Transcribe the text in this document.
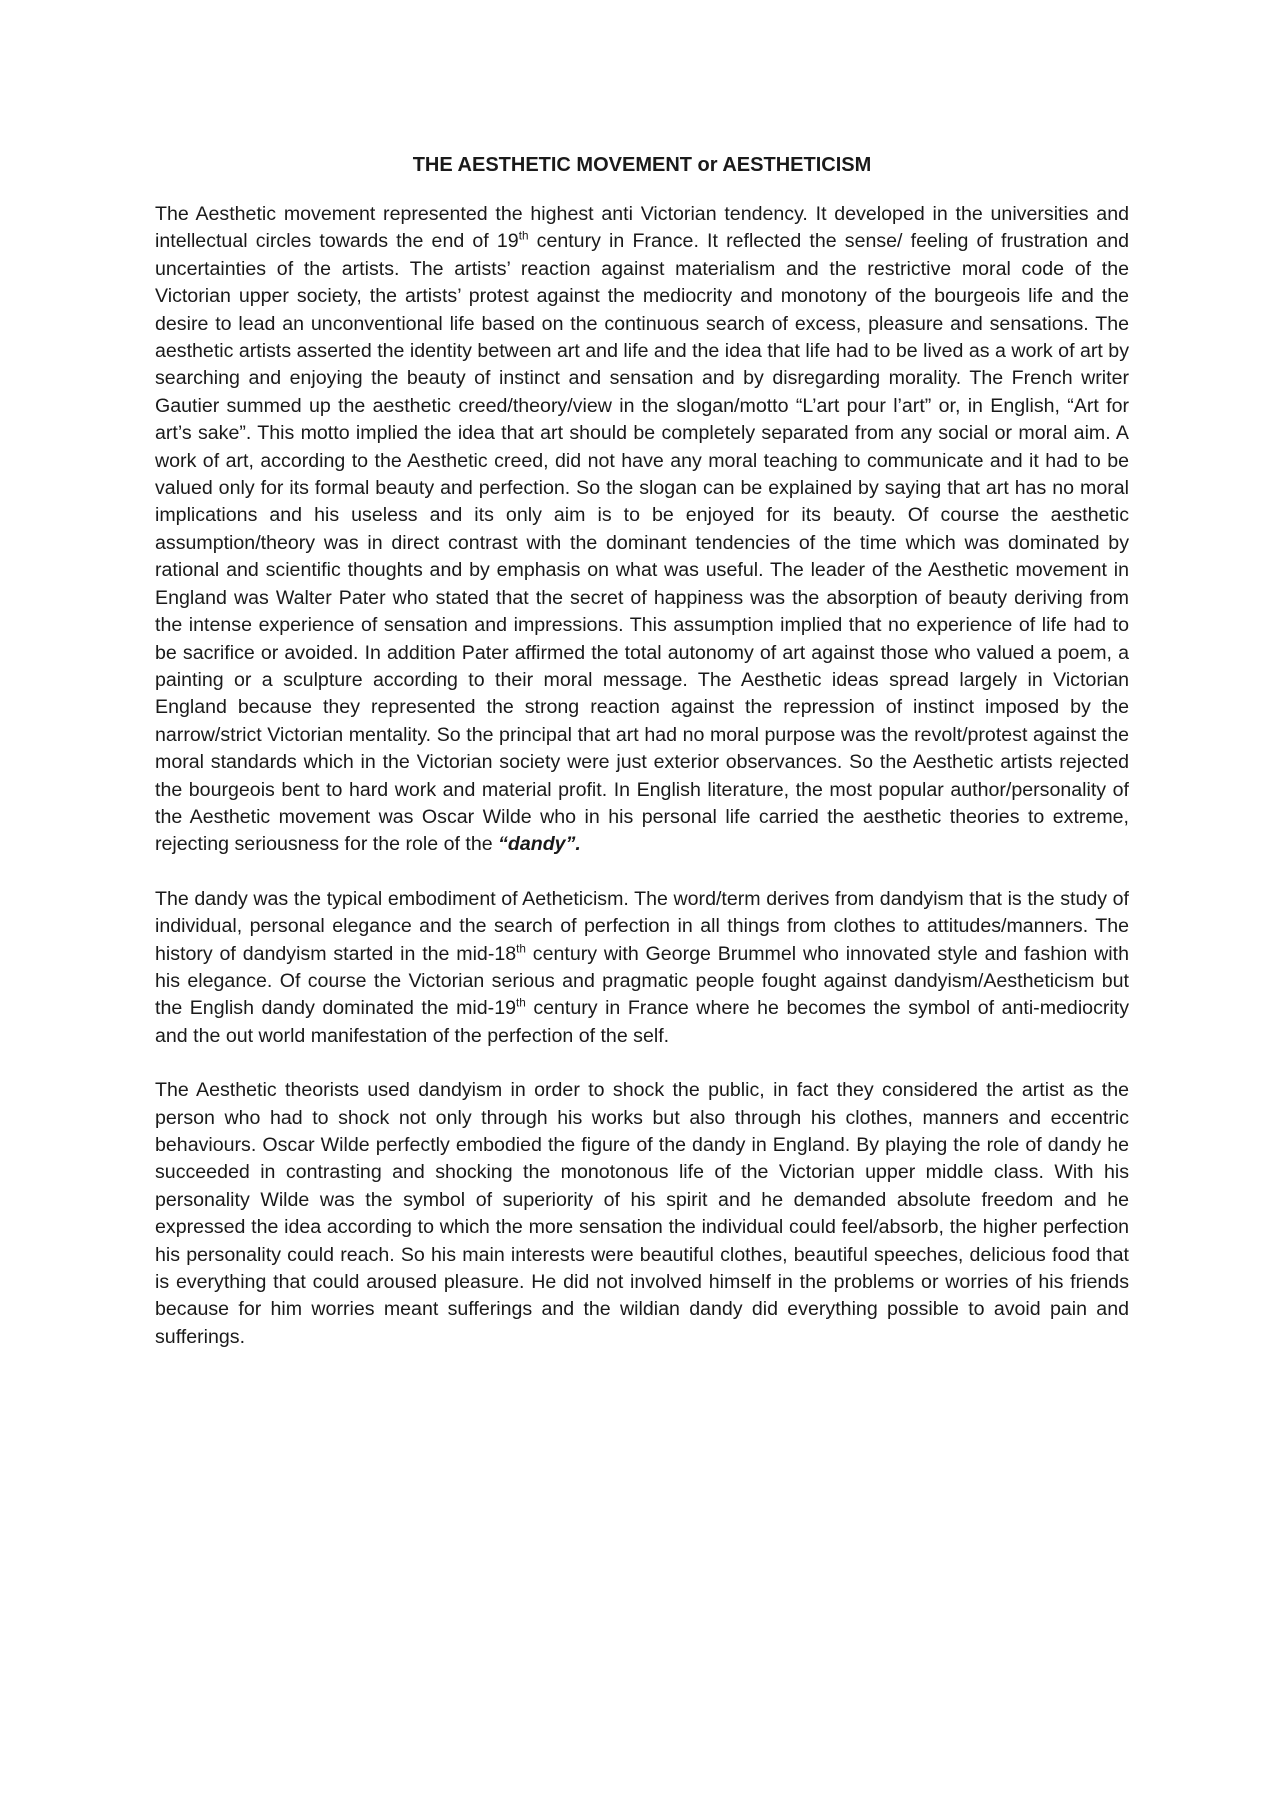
THE AESTHETIC MOVEMENT or AESTHETICISM

The Aesthetic movement represented the highest anti Victorian tendency. It developed in the universities and intellectual circles towards the end of 19th century in France. It reflected the sense/ feeling of frustration and uncertainties of the artists. The artists’ reaction against materialism and the restrictive moral code of the Victorian upper society, the artists’ protest against the mediocrity and monotony of the bourgeois life and the desire to lead an unconventional life based on the continuous search of excess, pleasure and sensations. The aesthetic artists asserted the identity between art and life and the idea that life had to be lived as a work of art by searching and enjoying the beauty of instinct and sensation and by disregarding morality. The French writer Gautier summed up the aesthetic creed/theory/view in the slogan/motto “L’art pour l’art” or, in English, “Art for art’s sake”. This motto implied the idea that art should be completely separated from any social or moral aim. A work of art, according to the Aesthetic creed, did not have any moral teaching to communicate and it had to be valued only for its formal beauty and perfection. So the slogan can be explained by saying that art has no moral implications and his useless and its only aim is to be enjoyed for its beauty. Of course the aesthetic assumption/theory was in direct contrast with the dominant tendencies of the time which was dominated by rational and scientific thoughts and by emphasis on what was useful. The leader of the Aesthetic movement in England was Walter Pater who stated that the secret of happiness was the absorption of beauty deriving from the intense experience of sensation and impressions. This assumption implied that no experience of life had to be sacrifice or avoided. In addition Pater affirmed the total autonomy of art against those who valued a poem, a painting or a sculpture according to their moral message. The Aesthetic ideas spread largely in Victorian England because they represented the strong reaction against the repression of instinct imposed by the narrow/strict Victorian mentality. So the principal that art had no moral purpose was the revolt/protest against the moral standards which in the Victorian society were just exterior observances. So the Aesthetic artists rejected the bourgeois bent to hard work and material profit. In English literature, the most popular author/personality of the Aesthetic movement was Oscar Wilde who in his personal life carried the aesthetic theories to extreme, rejecting seriousness for the role of the “dandy”.

The dandy was the typical embodiment of Aetheticism. The word/term derives from dandyism that is the study of individual, personal elegance and the search of perfection in all things from clothes to attitudes/manners. The history of dandyism started in the mid-18th century with George Brummel who innovated style and fashion with his elegance. Of course the Victorian serious and pragmatic people fought against dandyism/Aestheticism but the English dandy dominated the mid-19th century in France where he becomes the symbol of anti-mediocrity and the out world manifestation of the perfection of the self.

The Aesthetic theorists used dandyism in order to shock the public, in fact they considered the artist as the person who had to shock not only through his works but also through his clothes, manners and eccentric behaviours. Oscar Wilde perfectly embodied the figure of the dandy in England. By playing the role of dandy he succeeded in contrasting and shocking the monotonous life of the Victorian upper middle class. With his personality Wilde was the symbol of superiority of his spirit and he demanded absolute freedom and he expressed the idea according to which the more sensation the individual could feel/absorb, the higher perfection his personality could reach. So his main interests were beautiful clothes, beautiful speeches, delicious food that is everything that could aroused pleasure. He did not involved himself in the problems or worries of his friends because for him worries meant sufferings and the wildian dandy did everything possible to avoid pain and sufferings.
